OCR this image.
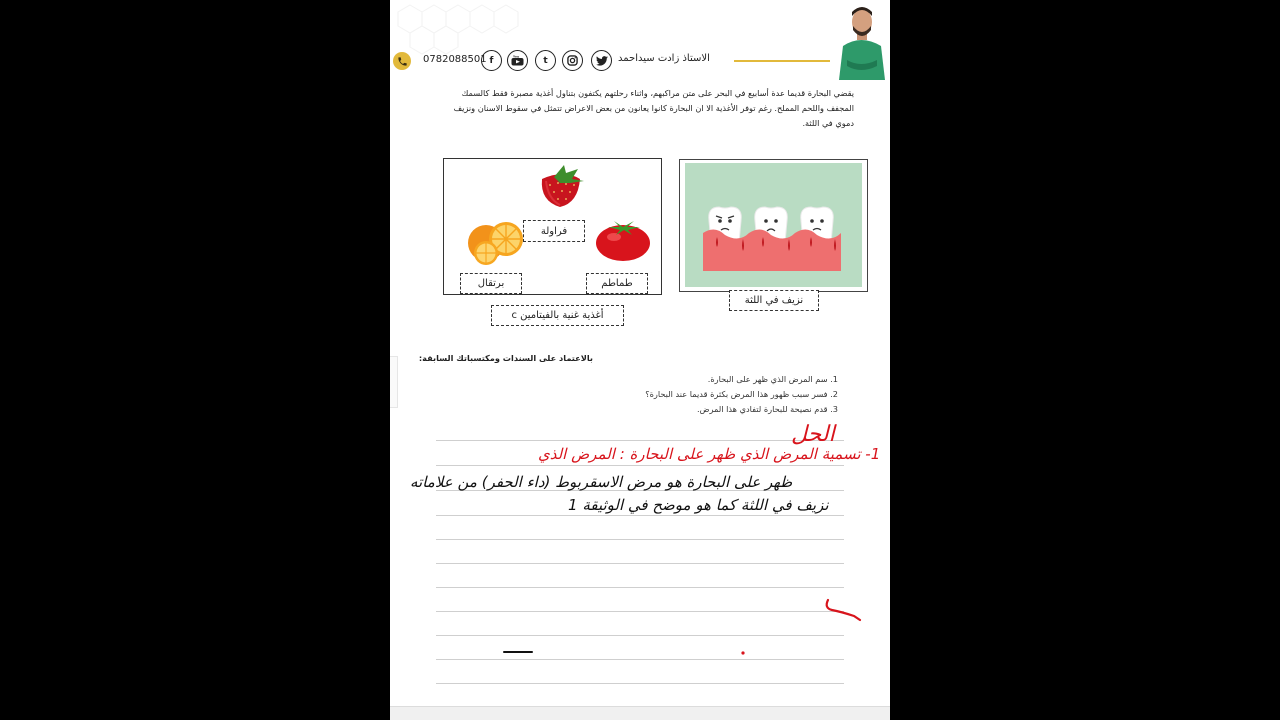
الاستاذ زادت سيداحمد
t
You
f
0782088501
يقضي البحارة قديما عدة أسابيع في البحر على متن مراكبهم، واثناء رحلتهم يكتفون بتناول أغذية مصبرة فقط كالسمك المجفف واللحم المملح. رغم توفر الأغذية الا ان البحارة كانوا يعانون من بعض الاعراض تتمثل في سقوط الاسنان ونزيف دموي في اللثة.
فراولة
برتقال	طماطم
أغذية غنية بالفيتامين c
نزيف في اللثة
بالاعتماد على السندات ومكتسباتك السابقة:
1. سم المرض الذي ظهر على البحارة.
2. فسر سبب ظهور هذا المرض بكثرة قديما عند البحارة؟
3. قدم نصيحة للبحارة لتفادي هذا المرض.
الحل
1- تسمية المرض الذي ظهر على البحارة : المرض الذي
ظهر على البحارة هو مرض الاسقربوط (داء الحفر) من علاماته
نزيف في اللثة كما هو موضح في الوثيقة 1
